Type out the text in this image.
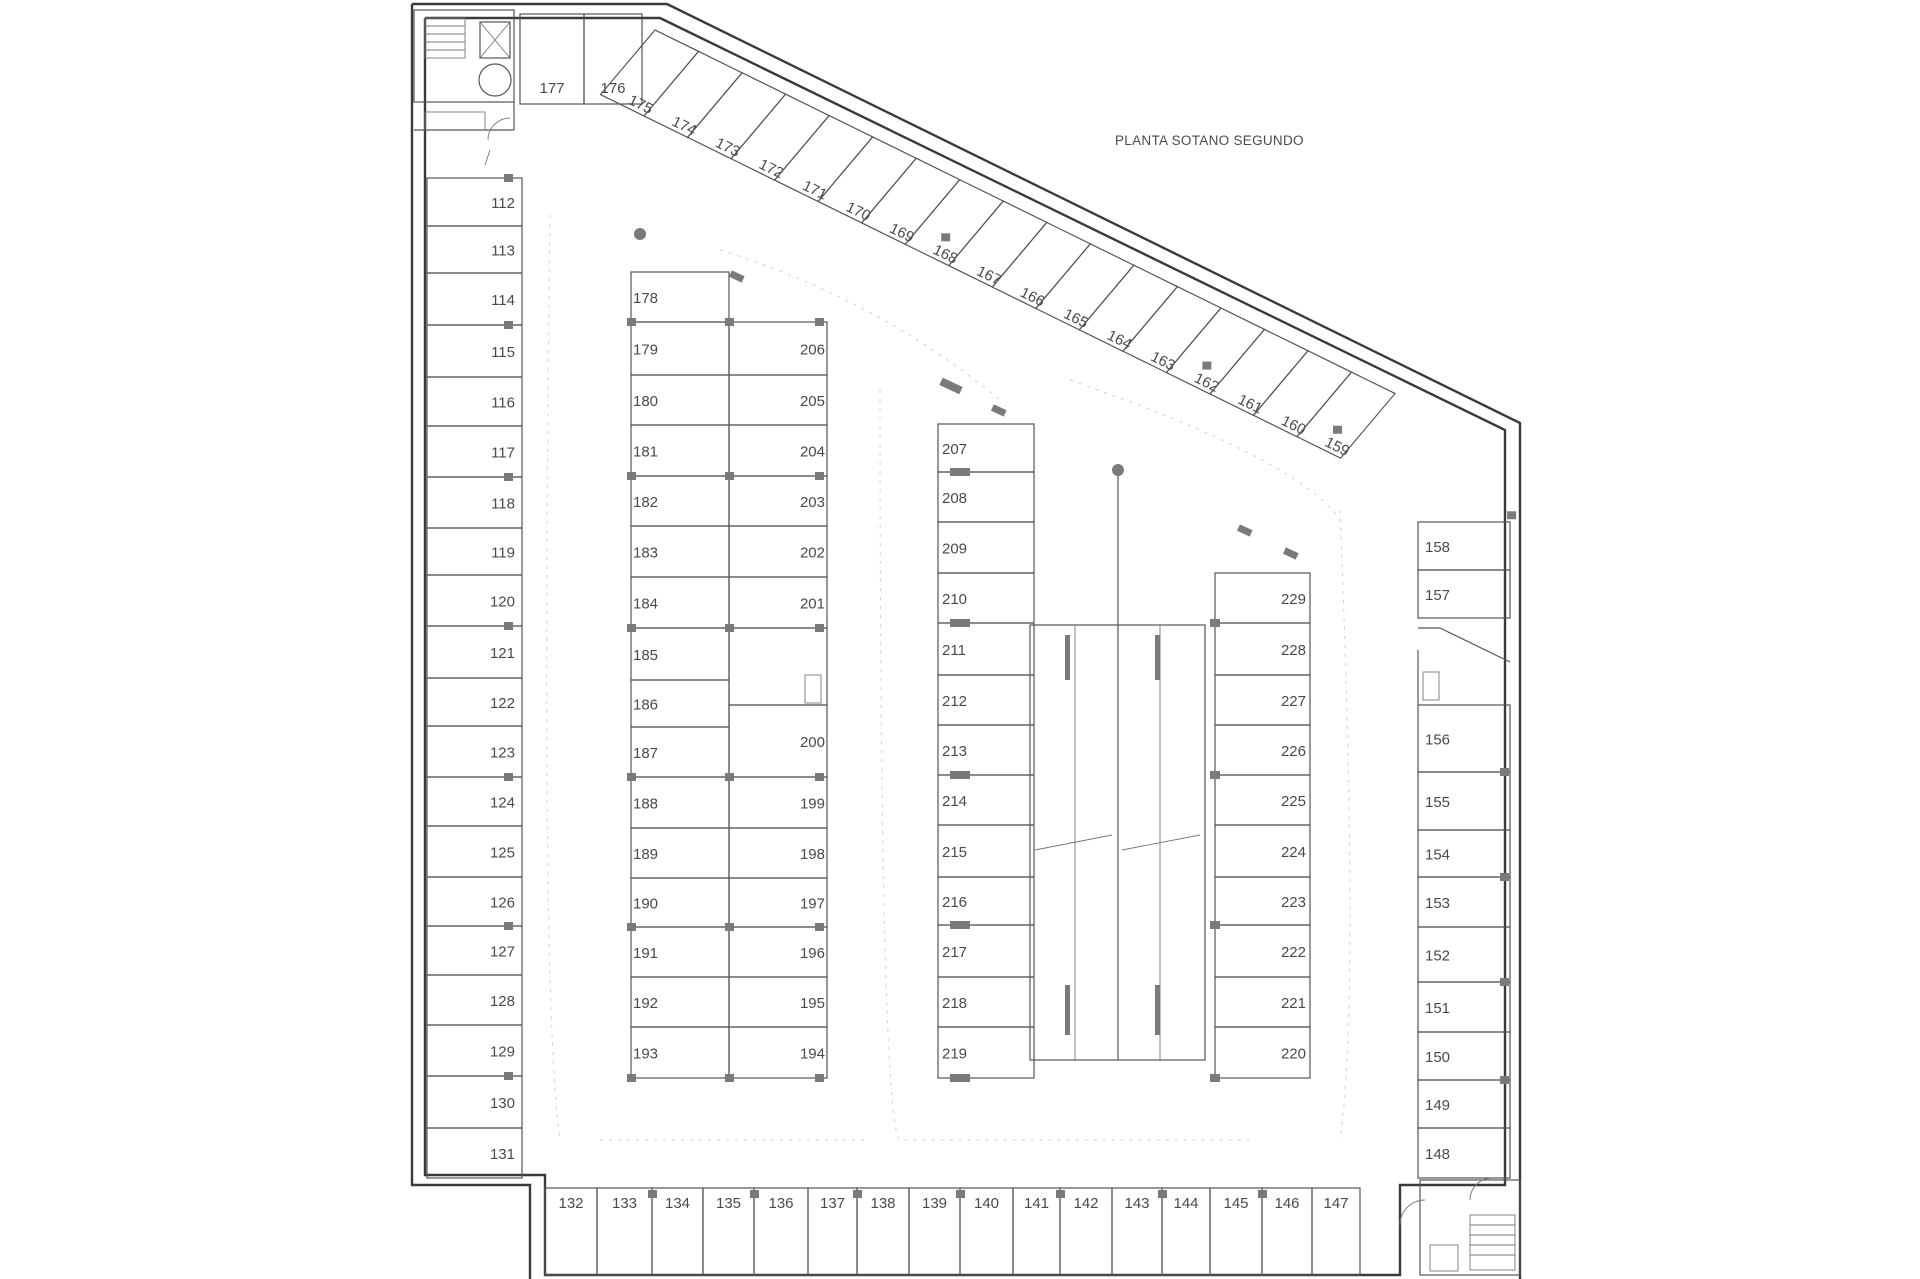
PLANTA SOTANO SEGUNDO
112
113
114
115
116
117
118
119
120
121
122
123
124
125
126
127
128
129
130
131
132 133 134 135 136 137 138 139 140 141 142 143 144 145 146 147
156
155
154
153
152
151
150
149
148
158
157
177 176
175
174
173
172
171
170
169
168
167
166
165
164
163
162
161
160
159
178
179
180
181
182
183
184
185
186
187
188
189
190
191
192
193
206
205
204
203
202
201
200
199
198
197
196
195
194
207
208
209
210
211
212
213
214
215
216
217
218
219
229
228
227
226
225
224
223
222
221
220
